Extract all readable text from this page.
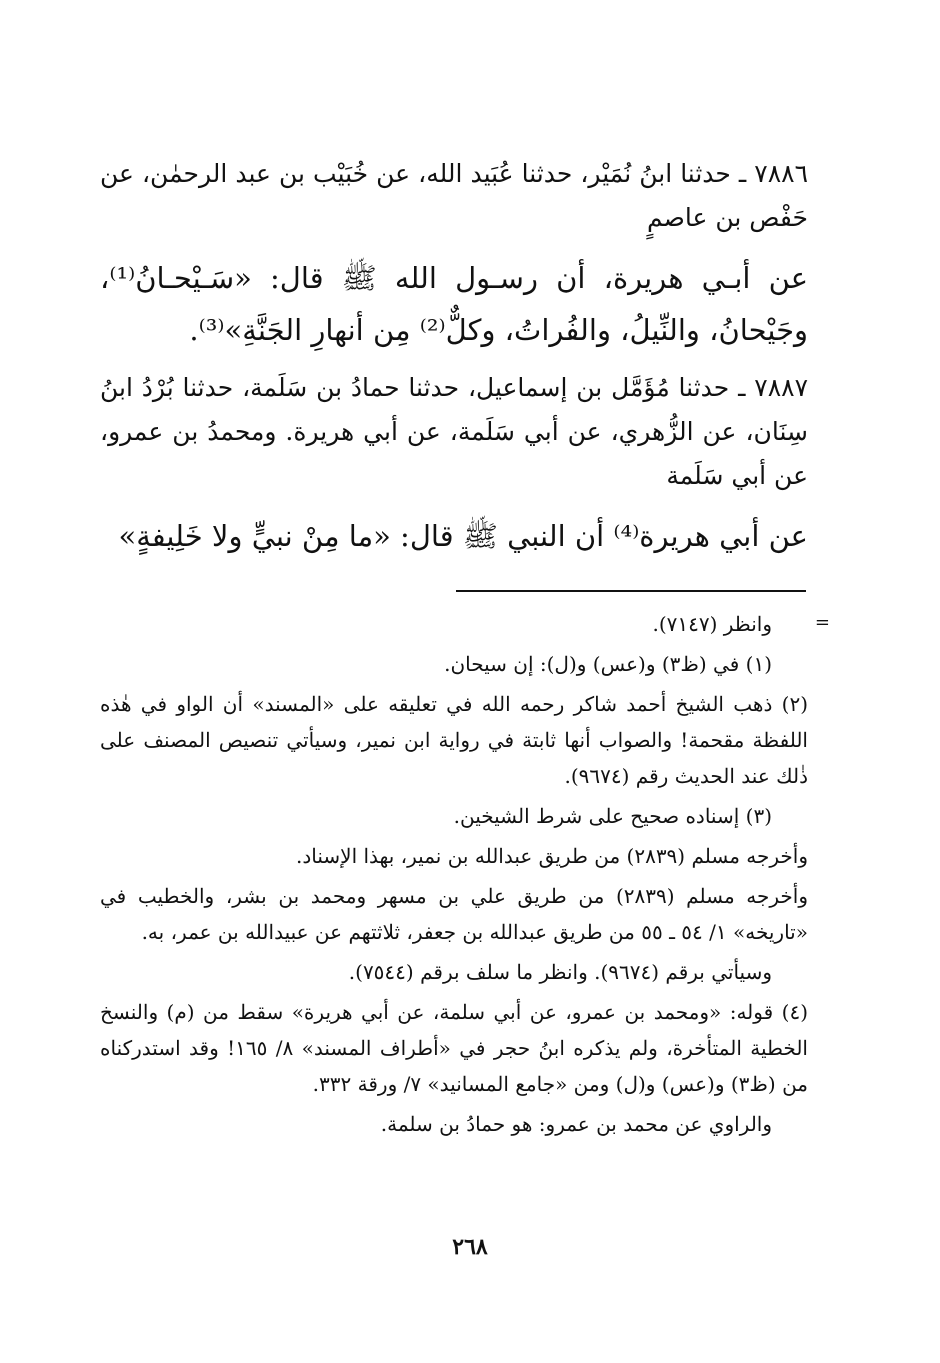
٧٨٨٦ ـ حدثنا ابنُ نُمَيْر، حدثنا عُبَيد الله، عن خُبَيْب بن عبد الرحمٰن، عن حَفْص بن عاصمٍ

عن أبـي هريرة، أن رسـول الله ﷺ قال: «سَـيْحـانُ⁽¹⁾، وجَيْحانُ، والنِّيلُ، والفُراتُ، وكلٌّ⁽²⁾ مِن أنهارِ الجَنَّةِ»⁽³⁾.

٧٨٨٧ ـ حدثنا مُؤَمَّل بن إسماعيل، حدثنا حمادُ بن سَلَمة، حدثنا بُرْدُ ابنُ سِنَان، عن الزُّهري، عن أبي سَلَمة، عن أبي هريرة. ومحمدُ بن عمرو، عن أبي سَلَمة

عن أبي هريرة⁽⁴⁾ أن النبي ﷺ قال: «ما مِنْ نبيٍّ ولا خَلِيفةٍ»

=

وانظر (٧١٤٧).

(١) في (ظ٣) و(عس) و(ل): إن سيحان.

(٢) ذهب الشيخ أحمد شاكر رحمه الله في تعليقه على «المسند» أن الواو في هٰذه اللفظة مقحمة! والصواب أنها ثابتة في رواية ابن نمير، وسيأتي تنصيص المصنف على ذٰلك عند الحديث رقم (٩٦٧٤).

(٣) إسناده صحيح على شرط الشيخين.

وأخرجه مسلم (٢٨٣٩) من طريق عبدالله بن نمير، بهذا الإسناد.

وأخرجه مسلم (٢٨٣٩) من طريق علي بن مسهر ومحمد بن بشر، والخطيب في «تاريخه» ١/ ٥٤ ـ ٥٥ من طريق عبدالله بن جعفر، ثلاثتهم عن عبيدالله بن عمر، به.

وسيأتي برقم (٩٦٧٤). وانظر ما سلف برقم (٧٥٤٤).

(٤) قوله: «ومحمد بن عمرو، عن أبي سلمة، عن أبي هريرة» سقط من (م) والنسخ الخطية المتأخرة، ولم يذكره ابنُ حجر في «أطراف المسند» ٨/ ١٦٥! وقد استدركناه من (ظ٣) و(عس) و(ل) ومن «جامع المسانيد» ٧/ ورقة ٣٣٢.

والراوي عن محمد بن عمرو: هو حمادُ بن سلمة.

٢٦٨
